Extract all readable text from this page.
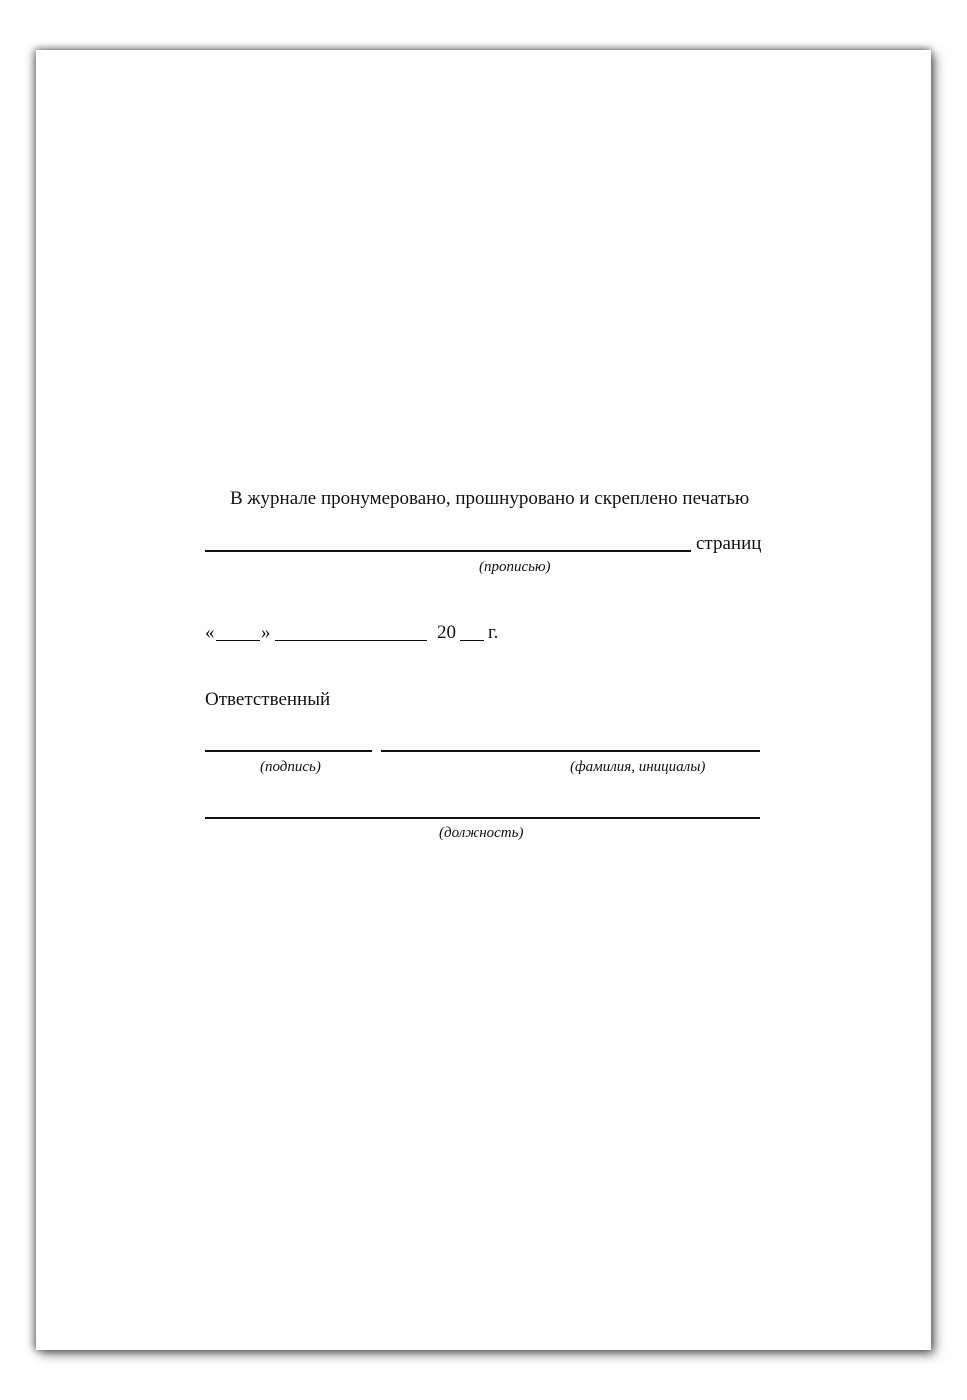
В журнале пронумеровано, прошнуровано и скреплено печатью
страниц
(прописью)
« »	20 г.
Ответственный
(подпись)	(фамилия, инициалы)
(должность)
